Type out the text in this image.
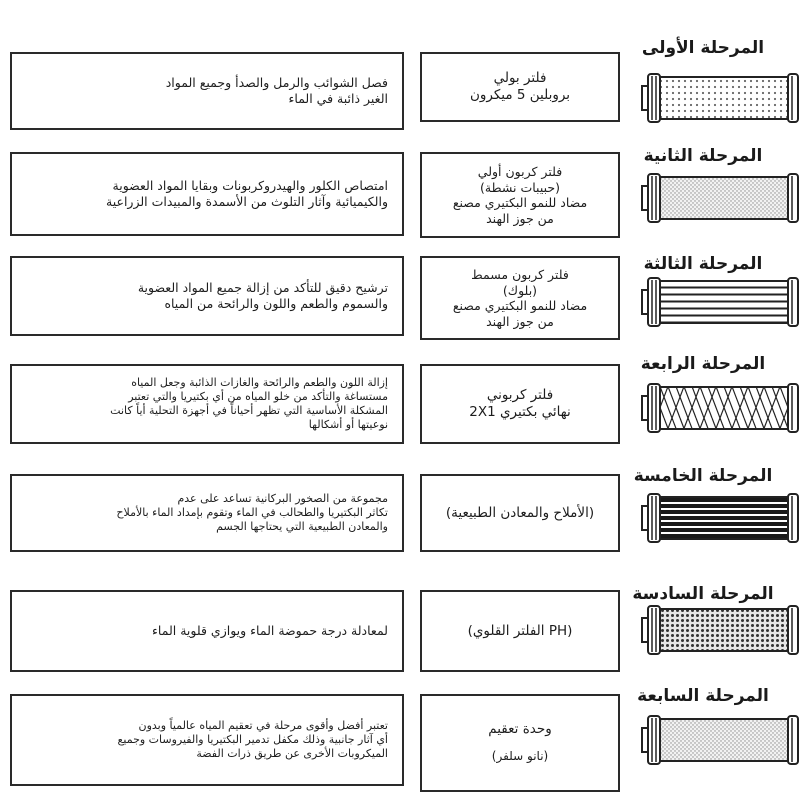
المرحلة الأولى
فلتر بولي
بروبلين 5 ميكرون
فصل الشوائب والرمل والصدأ وجميع المواد
الغير ذائبة في الماء
المرحلة الثانية
فلتر كربون أولي
(حبيبات نشطة)
مضاد للنمو البكتيري مصنع
من جوز الهند
امتصاص الكلور والهيدروكربونات وبقايا المواد العضوية
والكيميائية وآثار التلوث من الأسمدة والمبيدات الزراعية
المرحلة الثالثة
فلتر كربون مسمط
(بلوك)
مضاد للنمو البكتيري مصنع
من جوز الهند
ترشيح دقيق للتأكد من إزالة جميع المواد العضوية
والسموم والطعم واللون والرائحة من المياه
المرحلة الرابعة
فلتر كربوني
نهائي بكتيري 2X1
إزالة اللون والطعم والرائحة والغازات الذائبة وجعل المياه
مستساغة والتأكد من خلو المياه من أي بكتيريا والتي تعتبر
المشكلة الأساسية التي تظهر أحياناً في أجهزة التحلية أياً كانت
نوعيتها أو أشكالها
المرحلة الخامسة
(الأملاح والمعادن الطبيعية)
مجموعة من الصخور البركانية تساعد على عدم
تكاثر البكتيريا والطحالب في الماء وتقوم بإمداد الماء بالأملاح
والمعادن الطبيعية التي يحتاجها الجسم
المرحلة السادسة
(PH الفلتر القلوي)
لمعادلة درجة حموضة الماء ويوازي قلوية الماء
المرحلة السابعة
وحدة تعقيم
(نانو سلفر)
تعتبر أفضل وأقوى مرحلة في تعقيم المياه عالمياً وبدون
أي آثار جانبية وذلك مكفل تدمير البكتيريا والفيروسات وجميع
الميكروبات الأخرى عن طريق ذرات الفضة
